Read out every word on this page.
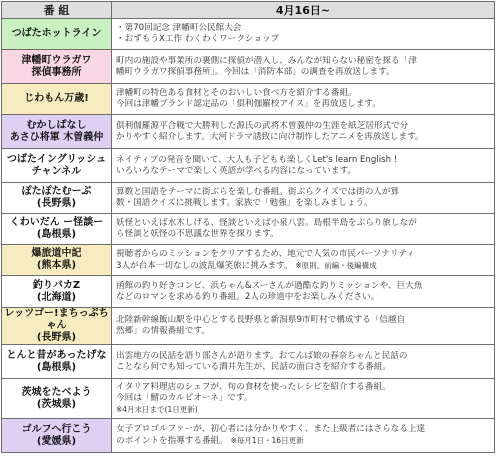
番 組	4月16日~
つばたホットライン	・第70回記念 津幡町公民館大会
・おずもうX工作 わくわくワークショップ

津幡町ウラガワ
探偵事務所	町内の施設や事業所の裏側に探偵が潜入し、みんなが知らない秘密を探る「津
幡町ウラガワ探偵事務所」。今回は「消防本部」の調査を再放送します。

じわもん万歳!	津幡町の特色ある食材とそのおいしい食べ方を紹介する番組。
今回は津幡ブランド認定品の「俱利伽羅校アイス」を再放送します。

むかしばなし
あさひ将軍 木曽義仲	俱利伽羅源平合戦で大勝利した源氏の武将木曽義仲の生涯を紙芝居形式で分
かりやすく紹介します。大河ドラマ誘致に向け制作したアニメを再放送します。

つばたイングリッシュ
チャンネル	ネイティブの発音を聞いて、大人も子どもも楽しくLet's learn English !
いろいろなテーマで楽しく英語が学べる内容になっています。

ぽたぽたむーぶ
(長野県)	算数と国語をテーマに街ぶらを楽しむ番組。街ぶらクイズでは街の人が算
数・国語クイズに挑戦します。家族で「勉強」を楽しみましょう。

くわいだん ー怪談ー
(島根県)	妖怪といえば水木しげる、怪談といえば小泉八雲。島根半島をぶらり旅しなが
ら怪談と妖怪の不思議な世界を探ります。

爆旅道中記
(熊本県)	視聴者からのミッションをクリアするため、地元で人気の市民パーソナリティ
3人が台本一切なしの波乱爆笑旅に挑みます。 ※原則、前編・後編構成

釣りバカZ
(北海道)	函館の釣り好きコンビ、浜ちゃん&スーさんが過酷な釣りミッションや、巨大魚
などのロマンを求める釣り番組。2人の珍道中をお楽しみください。

レッツゴー!まちっぷちゃん
(長野県)	北陸新幹線飯山駅を中心とする長野県と新潟県9市町村で構成する「信越自
然郷」の情報番組です。

とんと昔があったげな
(島根県)	出雲地方の民話を語り部さんが語ります。おてんば娘の春奈ちゃんと民話の
ことなら何でも知っている酒井先生が、民話の面白さを紹介する番組。

茨城をたべよう
(茨城県)	イタリア料理店のシェフが、旬の食材を使ったレシピを紹介する番組。
今回は「鯖のカルピオーネ」です。
※4月末日まで(1日更新)

ゴルフへ行こう
(愛媛県)	女子プロゴルファーが、初心者には分かりやすく、また上級者にはさらなる上達
のポイントを指導する番組。 ※毎月1日・16日更新
